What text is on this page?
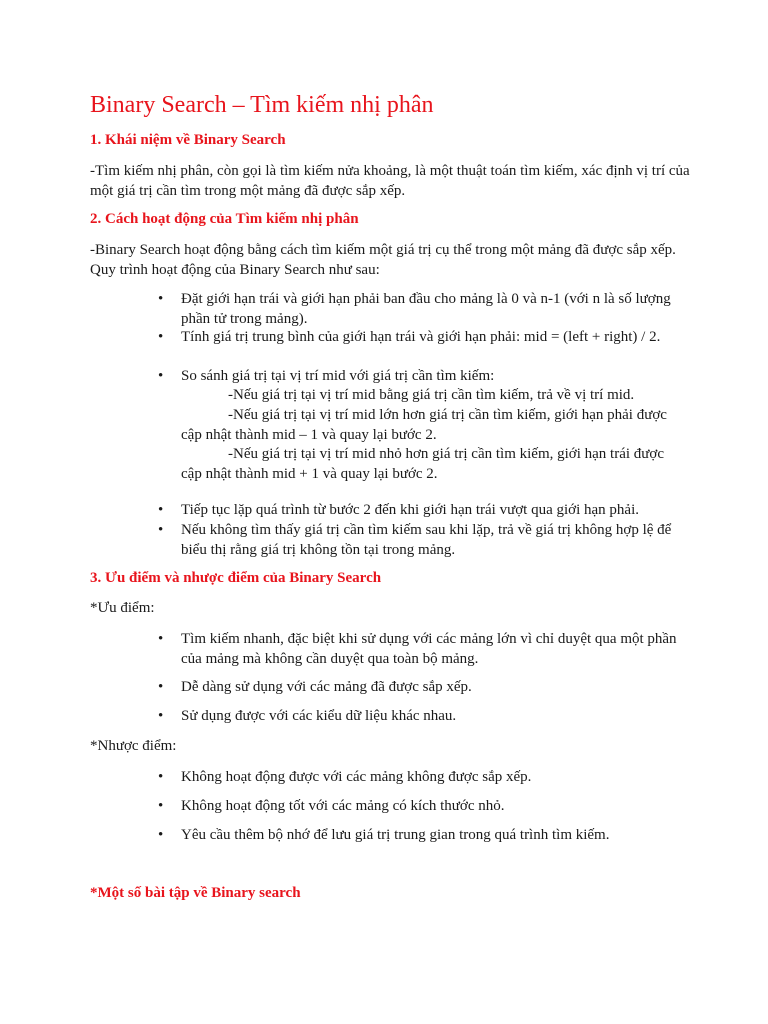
Binary Search – Tìm kiếm nhị phân
1. Khái niệm về Binary Search

-Tìm kiếm nhị phân, còn gọi là tìm kiếm nửa khoảng, là một thuật toán tìm kiếm, xác định vị trí của một giá trị cần tìm trong một mảng đã được sắp xếp.

2. Cách hoạt động của Tìm kiếm nhị phân

-Binary Search hoạt động bằng cách tìm kiếm một giá trị cụ thể trong một mảng đã được sắp xếp. Quy trình hoạt động của Binary Search như sau:

• Đặt giới hạn trái và giới hạn phải ban đầu cho mảng là 0 và n-1 (với n là số lượng phần tử trong mảng).
• Tính giá trị trung bình của giới hạn trái và giới hạn phải: mid = (left + right) / 2.
• So sánh giá trị tại vị trí mid với giá trị cần tìm kiếm:
-Nếu giá trị tại vị trí mid bằng giá trị cần tìm kiếm, trả về vị trí mid.
-Nếu giá trị tại vị trí mid lớn hơn giá trị cần tìm kiếm, giới hạn phải được cập nhật thành mid – 1 và quay lại bước 2.
-Nếu giá trị tại vị trí mid nhỏ hơn giá trị cần tìm kiếm, giới hạn trái được cập nhật thành mid + 1 và quay lại bước 2.
• Tiếp tục lặp quá trình từ bước 2 đến khi giới hạn trái vượt qua giới hạn phải.
• Nếu không tìm thấy giá trị cần tìm kiếm sau khi lặp, trả về giá trị không hợp lệ để biểu thị rằng giá trị không tồn tại trong mảng.
3. Ưu điểm và nhược điểm của Binary Search

*Ưu điểm:

• Tìm kiếm nhanh, đặc biệt khi sử dụng với các mảng lớn vì chỉ duyệt qua một phần của mảng mà không cần duyệt qua toàn bộ mảng.
• Dễ dàng sử dụng với các mảng đã được sắp xếp.
• Sử dụng được với các kiểu dữ liệu khác nhau.

*Nhược điểm:

• Không hoạt động được với các mảng không được sắp xếp.
• Không hoạt động tốt với các mảng có kích thước nhỏ.
• Yêu cầu thêm bộ nhớ để lưu giá trị trung gian trong quá trình tìm kiếm.
*Một số bài tập về Binary search
